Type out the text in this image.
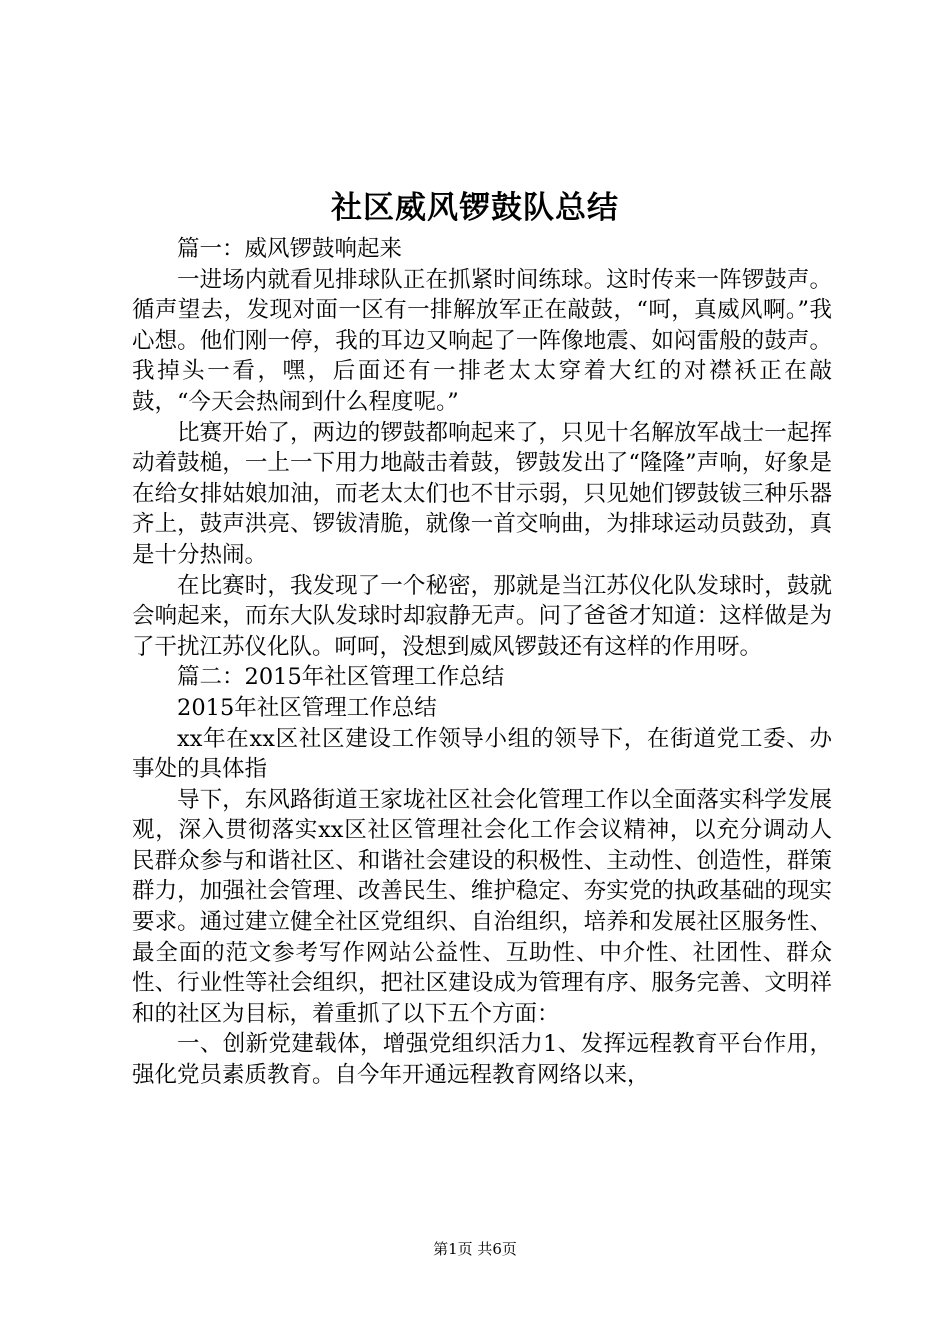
社区威风锣鼓队总结

篇一：威风锣鼓响起来

一进场内就看见排球队正在抓紧时间练球。这时传来一阵锣鼓声。循声望去，发现对面一区有一排解放军正在敲鼓，“呵，真威风啊。”我心想。他们刚一停，我的耳边又响起了一阵像地震、如闷雷般的鼓声。我掉头一看，嘿，后面还有一排老太太穿着大红的对襟袄正在敲鼓，“今天会热闹到什么程度呢。”

比赛开始了，两边的锣鼓都响起来了，只见十名解放军战士一起挥动着鼓槌，一上一下用力地敲击着鼓，锣鼓发出了“隆隆”声响，好象是在给女排姑娘加油，而老太太们也不甘示弱，只见她们锣鼓钹三种乐器齐上，鼓声洪亮、锣钹清脆，就像一首交响曲，为排球运动员鼓劲，真是十分热闹。

在比赛时，我发现了一个秘密，那就是当江苏仪化队发球时，鼓就会响起来，而东大队发球时却寂静无声。问了爸爸才知道：这样做是为了干扰江苏仪化队。呵呵，没想到威风锣鼓还有这样的作用呀。

篇二：2015年社区管理工作总结

2015年社区管理工作总结

xx年在xx区社区建设工作领导小组的领导下，在街道党工委、办事处的具体指

导下，东风路街道王家垅社区社会化管理工作以全面落实科学发展观，深入贯彻落实xx区社区管理社会化工作会议精神，以充分调动人民群众参与和谐社区、和谐社会建设的积极性、主动性、创造性，群策群力，加强社会管理、改善民生、维护稳定、夯实党的执政基础的现实要求。通过建立健全社区党组织、自治组织，培养和发展社区服务性、最全面的范文参考写作网站公益性、互助性、中介性、社团性、群众性、行业性等社会组织，把社区建设成为管理有序、服务完善、文明祥和的社区为目标，着重抓了以下五个方面：

一、创新党建载体，增强党组织活力1、发挥远程教育平台作用，强化党员素质教育。自今年开通远程教育网络以来，

第1页 共6页
